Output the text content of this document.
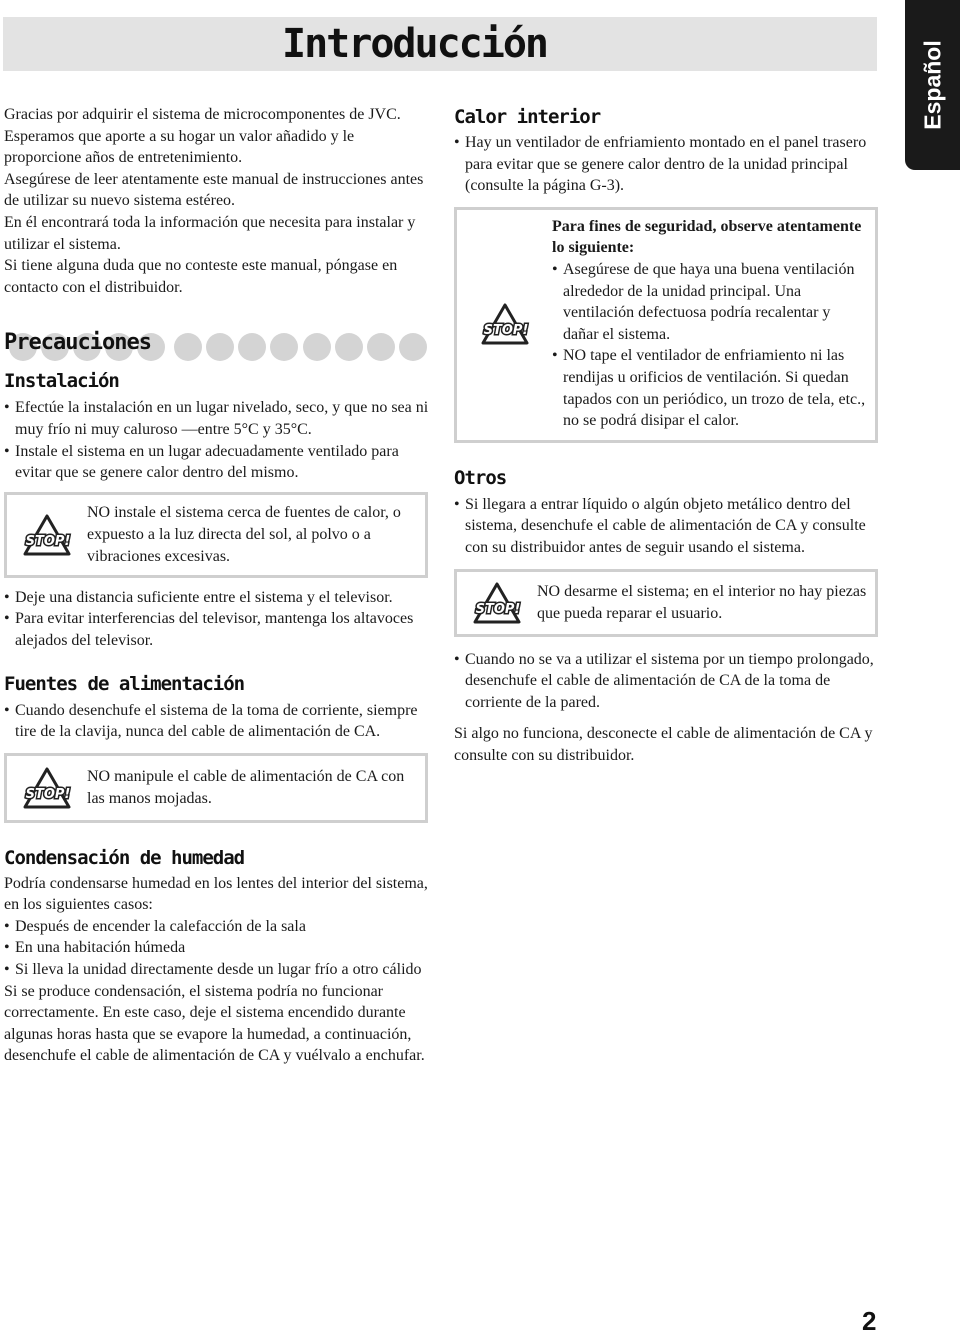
Introducción	Español

Gracias por adquirir el sistema de microcomponentes de JVC.

Esperamos que aporte a su hogar un valor añadido y le proporcione años de entretenimiento.

Asegúrese de leer atentamente este manual de instrucciones antes de utilizar su nuevo sistema estéreo.

En él encontrará toda la información que necesita para instalar y utilizar el sistema.

Si tiene alguna duda que no conteste este manual, póngase en contacto con el distribuidor.

Precauciones
Instalación
• Efectúe la instalación en un lugar nivelado, seco, y que no sea ni muy frío ni muy caluroso —entre 5°C y 35°C.
• Instale el sistema en un lugar adecuadamente ventilado para evitar que se genere calor dentro del mismo.
STOP!
NO instale el sistema cerca de fuentes de calor, o expuesto a la luz directa del sol, al polvo o a vibraciones excesivas.
• Deje una distancia suficiente entre el sistema y el televisor.
• Para evitar interferencias del televisor, mantenga los altavoces alejados del televisor.
Fuentes de alimentación
• Cuando desenchufe el sistema de la toma de corriente, siempre tire de la clavija, nunca del cable de alimentación de CA.
STOP!
NO manipule el cable de alimentación de CA con las manos mojadas.
Condensación de humedad

Podría condensarse humedad en los lentes del interior del sistema, en los siguientes casos:

• Después de encender la calefacción de la sala
• En una habitación húmeda
• Si lleva la unidad directamente desde un lugar frío a otro cálido

Si se produce condensación, el sistema podría no funcionar correctamente. En este caso, deje el sistema encendido durante algunas horas hasta que se evapore la humedad, a continuación, desenchufe el cable de alimentación de CA y vuélvalo a enchufar.

Calor interior
• Hay un ventilador de enfriamiento montado en el panel trasero para evitar que se genere calor dentro de la unidad principal (consulte la página G-3).
STOP!

Para fines de seguridad, observe atentamente lo siguiente:

• Asegúrese de que haya una buena ventilación alrededor de la unidad principal. Una ventilación defectuosa podría recalentar y dañar el sistema.
• NO tape el ventilador de enfriamiento ni las rendijas u orificios de ventilación. Si quedan tapados con un periódico, un trozo de tela, etc., no se podrá disipar el calor.
Otros
• Si llegara a entrar líquido o algún objeto metálico dentro del sistema, desenchufe el cable de alimentación de CA y consulte con su distribuidor antes de seguir usando el sistema.
STOP!
NO desarme el sistema; en el interior no hay piezas que pueda reparar el usuario.
• Cuando no se va a utilizar el sistema por un tiempo prolongado, desenchufe el cable de alimentación de CA de la toma de corriente de la pared.

Si algo no funciona, desconecte el cable de alimentación de CA y consulte con su distribuidor.

2
